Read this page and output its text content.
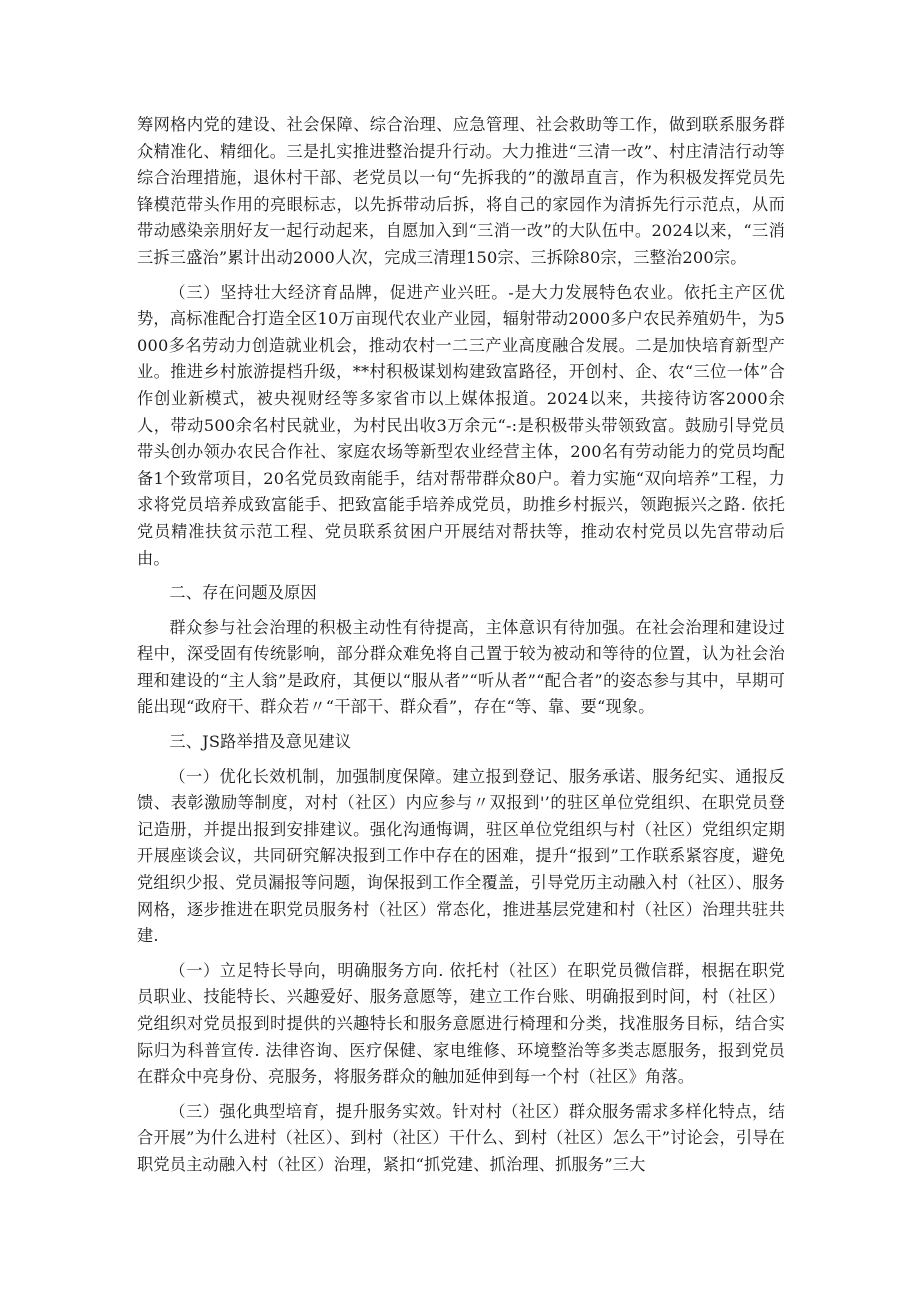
筹网格内党的建设、社会保障、综合治理、应急管理、社会救助等工作，做到联系服务群众精准化、精细化。三是扎实推进整治提升行动。大力推进“三清一改”、村庄清洁行动等综合治理措施，退休村干部、老党员以一句“先拆我的”的激昂直言，作为积极发挥党员先锋模范带头作用的亮眼标志，以先拆带动后拆，将自己的家园作为清拆先行示范点，从而带动感染亲朋好友一起行动起来，自愿加入到“三消一改”的大队伍中。2024以来，“三消三拆三盛治”累计出动2000人次，完成三清理150宗、三拆除80宗，三整治200宗。

（三）坚持壮大经济育品牌，促进产业兴旺。-是大力发展特色农业。依托主产区优势，高标准配合打造全区10万亩现代农业产业园，辐射带动2000多户农民养殖奶牛，为5000多名劳动力创造就业机会，推动农村一二三产业高度融合发展。二是加快培育新型产业。推进乡村旅游提档升级，**村积极谋划构建致富路径，开创村、企、农“三位一体”合作创业新模式，被央视财经等多家省市以上媒体报道。2024以来，共接待访客2000余人，带动500余名村民就业，为村民出收3万余元“-:是积极带头带领致富。鼓励引导党员带头创办领办农民合作社、家庭农场等新型农业经营主体，200名有劳动能力的党员均配备1个致常项目，20名党员致南能手，结对帮带群众80户。着力实施“双向培养”工程，力求将党员培养成致富能手、把致富能手培养成党员，助推乡村振兴，领跑振兴之路. 依托党员精准扶贫示范工程、党员联系贫困户开展结对帮扶等，推动农村党员以先宫带动后由。

二、存在问题及原因

群众参与社会治理的积极主动性有待提高，主体意识有待加强。在社会治理和建设过程中，深受固有传统影响，部分群众难免将自己置于较为被动和等待的位置，认为社会治理和建设的“主人翁”是政府，其便以“服从者”“听从者”“配合者”的姿态参与其中，早期可能出现“政府干、群众若〃“干部干、群众看”，存在“等、靠、要“现象。

三、JS路举措及意见建议

（一）优化长效机制，加强制度保障。建立报到登记、服务承诺、服务纪实、通报反馈、表彰激励等制度，对村（社区）内应参与〃双报到'’的驻区单位党组织、在职党员登记造册，并提出报到安排建议。强化沟通悔调，驻区单位党组织与村（社区）党组织定期开展座谈会议，共同研究解决报到工作中存在的困难，提升“报到”工作联系紧容度，避免党组织少报、党员漏报等问题，询保报到工作全覆盖，引导党历主动融入村（社区）、服务网格，逐步推进在职党员服务村（社区）常态化，推进基层党建和村（社区）治理共驻共建.

（一）立足特长导向，明确服务方向. 依托村（社区）在职党员微信群，根据在职党员职业、技能特长、兴趣爱好、服务意愿等，建立工作台账、明确报到时间，村（社区）党组织对党员报到时提供的兴趣特长和服务意愿进行椅理和分类，找准服务目标，结合实际归为科普宣传. 法律咨询、医疗保健、家电维修、环境整治等多类志愿服务，报到党员在群众中亮身份、亮服务，将服务群众的触加延伸到每一个村（社区》角落。

（三）强化典型培育，提升服务实效。针对村（社区）群众服务需求多样化特点，结合开展”为什么进村（社区）、到村（社区）干什么、到村（社区）怎么干”讨论会，引导在职党员主动融入村（社区）治理，紧扣“抓党建、抓治理、抓服务”三大
